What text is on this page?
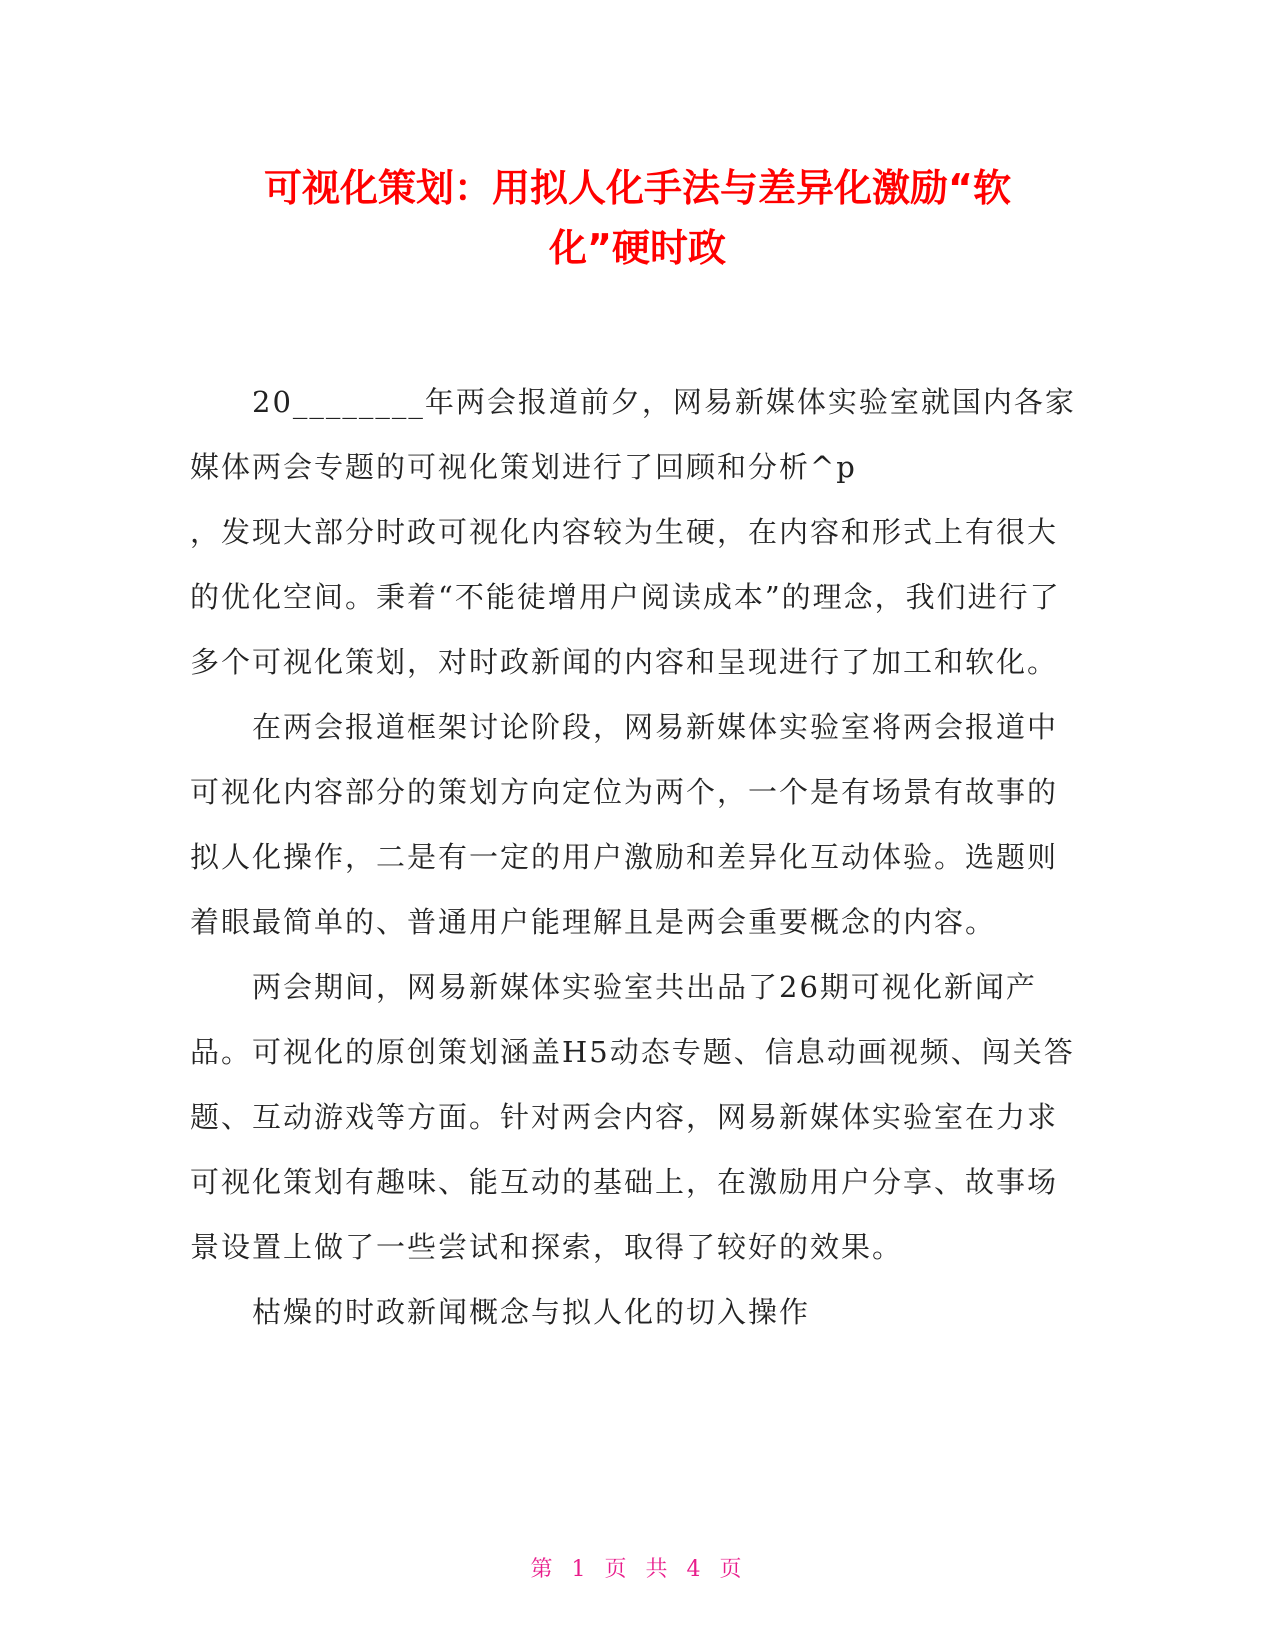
可视化策划：用拟人化手法与差异化激励“软
化”硬时政

20________年两会报道前夕，网易新媒体实验室就国内各家媒体两会专题的可视化策划进行了回顾和分析^p

，发现大部分时政可视化内容较为生硬，在内容和形式上有很大的优化空间。秉着“不能徒增用户阅读成本”的理念，我们进行了多个可视化策划，对时政新闻的内容和呈现进行了加工和软化。

在两会报道框架讨论阶段，网易新媒体实验室将两会报道中可视化内容部分的策划方向定位为两个，一个是有场景有故事的拟人化操作，二是有一定的用户激励和差异化互动体验。选题则着眼最简单的、普通用户能理解且是两会重要概念的内容。

两会期间，网易新媒体实验室共出品了26期可视化新闻产品。可视化的原创策划涵盖H5动态专题、信息动画视频、闯关答题、互动游戏等方面。针对两会内容，网易新媒体实验室在力求可视化策划有趣味、能互动的基础上，在激励用户分享、故事场景设置上做了一些尝试和探索，取得了较好的效果。

枯燥的时政新闻概念与拟人化的切入操作

第 1 页 共 4 页
